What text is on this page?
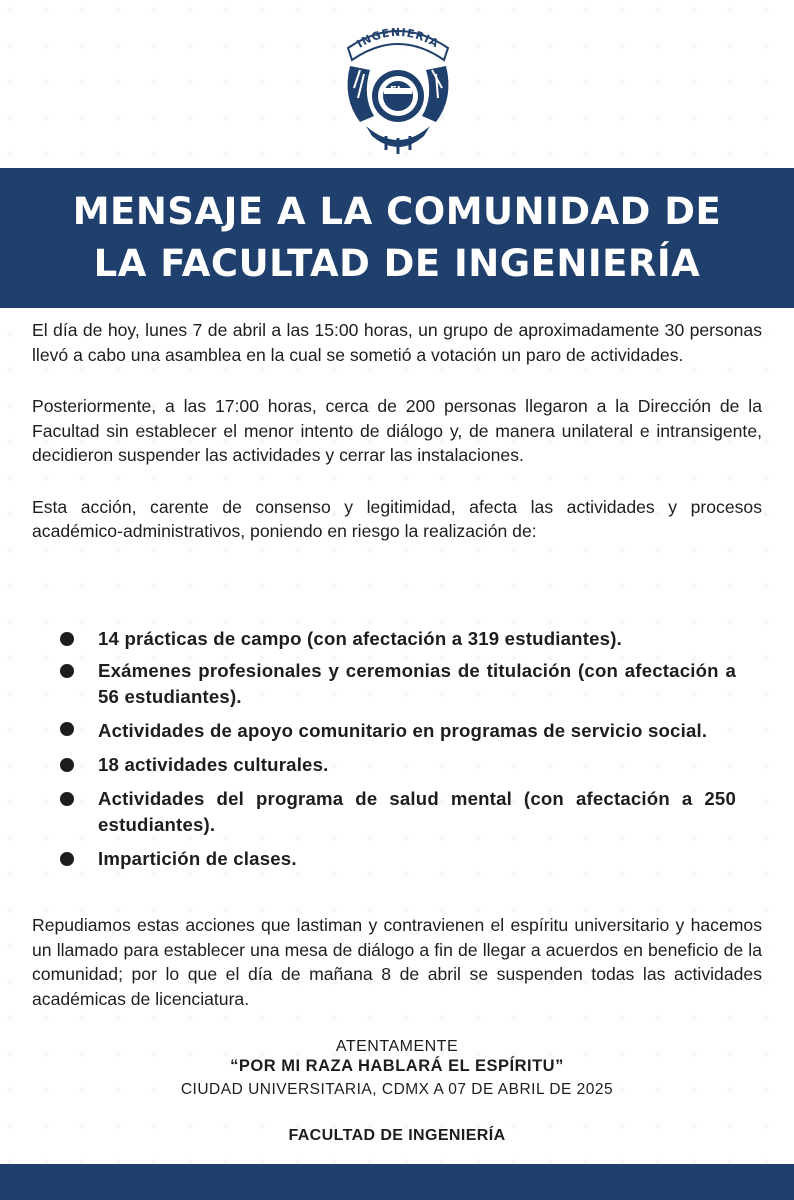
INGENIERIA
FI
MENSAJE A LA COMUNIDAD DE
LA FACULTAD DE INGENIERÍA

El día de hoy, lunes 7 de abril a las 15:00 horas, un grupo de aproximadamente 30 personas llevó a cabo una asamblea en la cual se sometió a votación un paro de actividades.

Posteriormente, a las 17:00 horas, cerca de 200 personas llegaron a la Dirección de la Facultad sin establecer el menor intento de diálogo y, de manera unilateral e intransigente, decidieron suspender las actividades y cerrar las instalaciones.

Esta acción, carente de consenso y legitimidad, afecta las actividades y procesos académico-administrativos, poniendo en riesgo la realización de:

14 prácticas de campo (con afectación a 319 estudiantes).
Exámenes profesionales y ceremonias de titulación (con afectación a 56 estudiantes).
Actividades de apoyo comunitario en programas de servicio social.
18 actividades culturales.
Actividades del programa de salud mental (con afectación a 250 estudiantes).
Impartición de clases.

Repudiamos estas acciones que lastiman y contravienen el espíritu universitario y hacemos un llamado para establecer una mesa de diálogo a fin de llegar a acuerdos en beneficio de la comunidad; por lo que el día de mañana 8 de abril se suspenden todas las actividades académicas de licenciatura.

ATENTAMENTE
“POR MI RAZA HABLARÁ EL ESPÍRITU”
CIUDAD UNIVERSITARIA, CDMX A 07 DE ABRIL DE 2025
FACULTAD DE INGENIERÍA
